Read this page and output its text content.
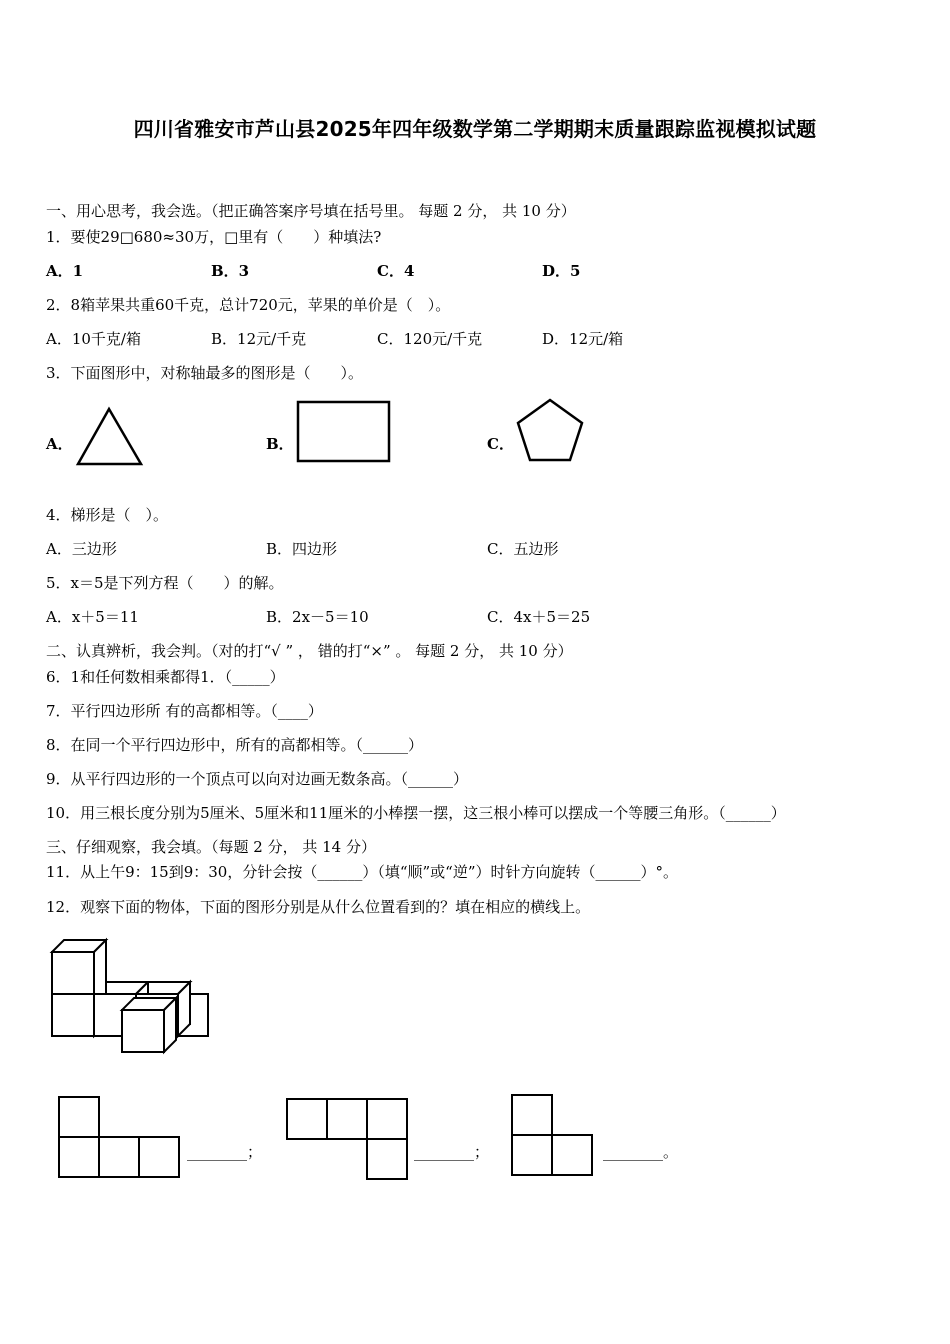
四川省雅安市芦山县2025年四年级数学第二学期期末质量跟踪监视模拟试题
一、用心思考，我会选。（把正确答案序号填在括号里。 每题 2 分， 共 10 分）
1．要使29□680≈30万，□里有（　　）种填法?
A．1	B．3	C．4	D．5
2．8箱苹果共重60千克，总计720元，苹果的单价是（　）。
A．10千克/箱	B．12元/千克	C．120元/千克	D．12元/箱
3．下面图形中，对称轴最多的图形是（　　）。
A．	B．	C．
4．梯形是（　）。
A．三边形	B．四边形	C．五边形
5．x＝5是下列方程（　　）的解。
A．x＋5＝11	B．2x－5＝10	C．4x＋5＝25
二、认真辨析，我会判。（对的打“√ ” ， 错的打“×” 。 每题 2 分， 共 10 分）
6．1和任何数相乘都得1．（_____）
7．平行四边形所 有的高都相等。（____）
8．在同一个平行四边形中，所有的高都相等。（______）
9．从平行四边形的一个顶点可以向对边画无数条高。（______）
10．用三根长度分别为5厘米、5厘米和11厘米的小棒摆一摆，这三根小棒可以摆成一个等腰三角形。（______）
三、仔细观察，我会填。（每题 2 分， 共 14 分）
11．从上午9：15到9：30，分针会按（______）（填“顺”或“逆”）时针方向旋转（______）°。
12．观察下面的物体，下面的图形分别是从什么位置看到的？填在相应的横线上。
________；	________；	________。
